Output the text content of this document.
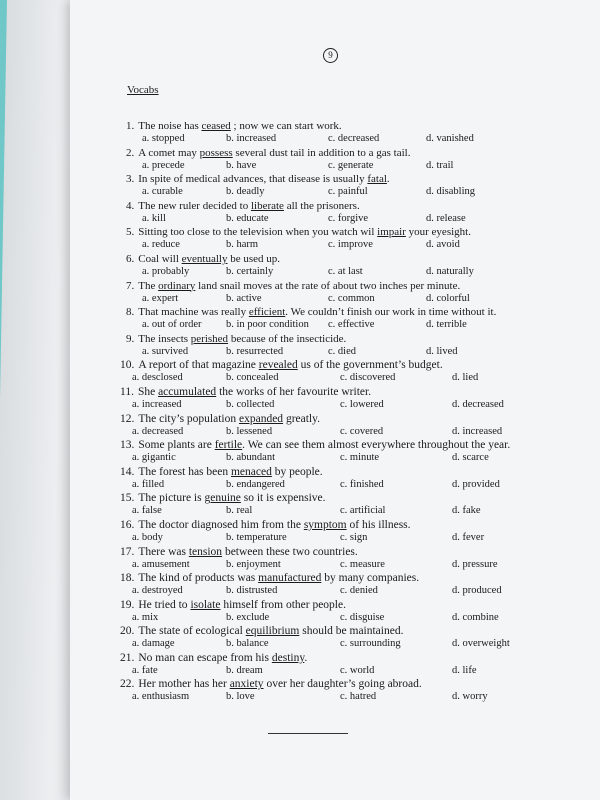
9
Vocabs
1. The noise has ceased ; now we can start work.
a. stopped	b. increased	c. decreased	d. vanished
2. A comet may possess several dust tail in addition to a gas tail.
a. precede	b. have	c. generate	d. trail
3. In spite of medical advances, that disease is usually fatal.
a. curable	b. deadly	c. painful	d. disabling
4. The new ruler decided to liberate all the prisoners.
a. kill	b. educate	c. forgive	d. release
5. Sitting too close to the television when you watch wil impair your eyesight.
a. reduce	b. harm	c. improve	d. avoid
6. Coal will eventually be used up.
a. probably	b. certainly	c. at last	d. naturally
7. The ordinary land snail moves at the rate of about two inches per minute.
a. expert	b. active	c. common	d. colorful
8. That machine was really efficient. We couldn’t finish our work in time without it.
a. out of order b. in poor condition c. effective	d. terrible
9. The insects perished because of the insecticide.
a. survived	b. resurrected	c. died	d. lived
10. A report of that magazine revealed us of the government’s budget.
a. desclosed	b. concealed	c. discovered	d. lied
11. She accumulated the works of her favourite writer.
a. increased	b. collected	c. lowered	d. decreased
12. The city’s population expanded greatly.
a. decreased	b. lessened	c. covered	d. increased
13. Some plants are fertile. We can see them almost everywhere throughout the year.
a. gigantic	b. abundant	c. minute	d. scarce
14. The forest has been menaced by people.
a. filled	b. endangered	c. finished	d. provided
15. The picture is genuine so it is expensive.
a. false	b. real	c. artificial	d. fake
16. The doctor diagnosed him from the symptom of his illness.
a. body	b. temperature	c. sign	d. fever
17. There was tension between these two countries.
a. amusement	b. enjoyment	c. measure	d. pressure
18. The kind of products was manufactured by many companies.
a. destroyed	b. distrusted	c. denied	d. produced
19. He tried to isolate himself from other people.
a. mix	b. exclude	c. disguise	d. combine
20. The state of ecological equilibrium should be maintained.
a. damage	b. balance	c. surrounding	d. overweight
21. No man can escape from his destiny.
a. fate	b. dream	c. world	d. life
22. Her mother has her anxiety over her daughter’s going abroad.
a. enthusiasm	b. love	c. hatred	d. worry
